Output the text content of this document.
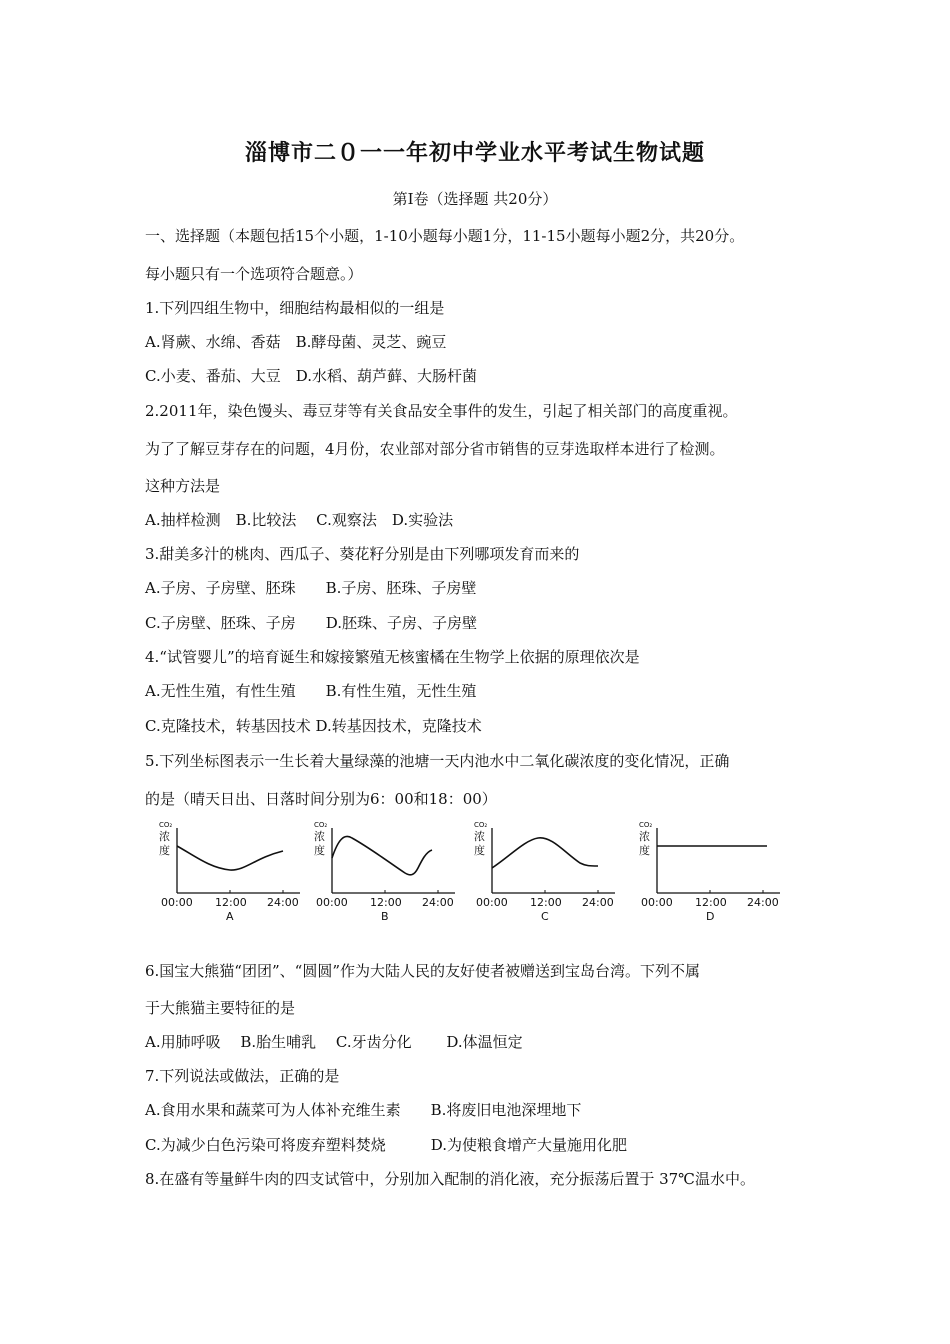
淄博市二０一一年初中学业水平考试生物试题
第Ⅰ卷（选择题 共20分）
一、选择题（本题包括15个小题，1-10小题每小题1分，11-15小题每小题2分，共20分。
每小题只有一个选项符合题意。）
1.下列四组生物中，细胞结构最相似的一组是
A.肾蕨、水绵、香菇　B.酵母菌、灵芝、豌豆
C.小麦、番茄、大豆　D.水稻、葫芦藓、大肠杆菌
2.2011年，染色馒头、毒豆芽等有关食品安全事件的发生，引起了相关部门的高度重视。
为了了解豆芽存在的问题，4月份，农业部对部分省市销售的豆芽选取样本进行了检测。
这种方法是
A.抽样检测　B.比较法　 C.观察法　D.实验法
3.甜美多汁的桃肉、西瓜子、葵花籽分别是由下列哪项发育而来的
A.子房、子房壁、胚珠　　B.子房、胚珠、子房壁
C.子房壁、胚珠、子房　　D.胚珠、子房、子房壁
4.“试管婴儿”的培育诞生和嫁接繁殖无核蜜橘在生物学上依据的原理依次是
A.无性生殖，有性生殖　　B.有性生殖，无性生殖
C.克隆技术，转基因技术 D.转基因技术，克隆技术
5.下列坐标图表示一生长着大量绿藻的池塘一天内池水中二氧化碳浓度的变化情况，正确
的是（晴天日出、日落时间分别为6：00和18：00）
CO₂
浓
度
00:00 12:00 24:00
A
CO₂
浓
度
00:00 12:00 24:00
B
CO₂
浓
度
00:00 12:00 24:00
C
CO₂
浓
度
00:00 12:00 24:00
D
6.国宝大熊猫“团团”、“圆圆”作为大陆人民的友好使者被赠送到宝岛台湾。下列不属
于大熊猫主要特征的是
A.用肺呼吸　 B.胎生哺乳　 C.牙齿分化　　 D.体温恒定
7.下列说法或做法，正确的是
A.食用水果和蔬菜可为人体补充维生素　　B.将废旧电池深埋地下
C.为减少白色污染可将废弃塑料焚烧　　　D.为使粮食增产大量施用化肥
8.在盛有等量鲜牛肉的四支试管中，分别加入配制的消化液，充分振荡后置于 37℃温水中。
